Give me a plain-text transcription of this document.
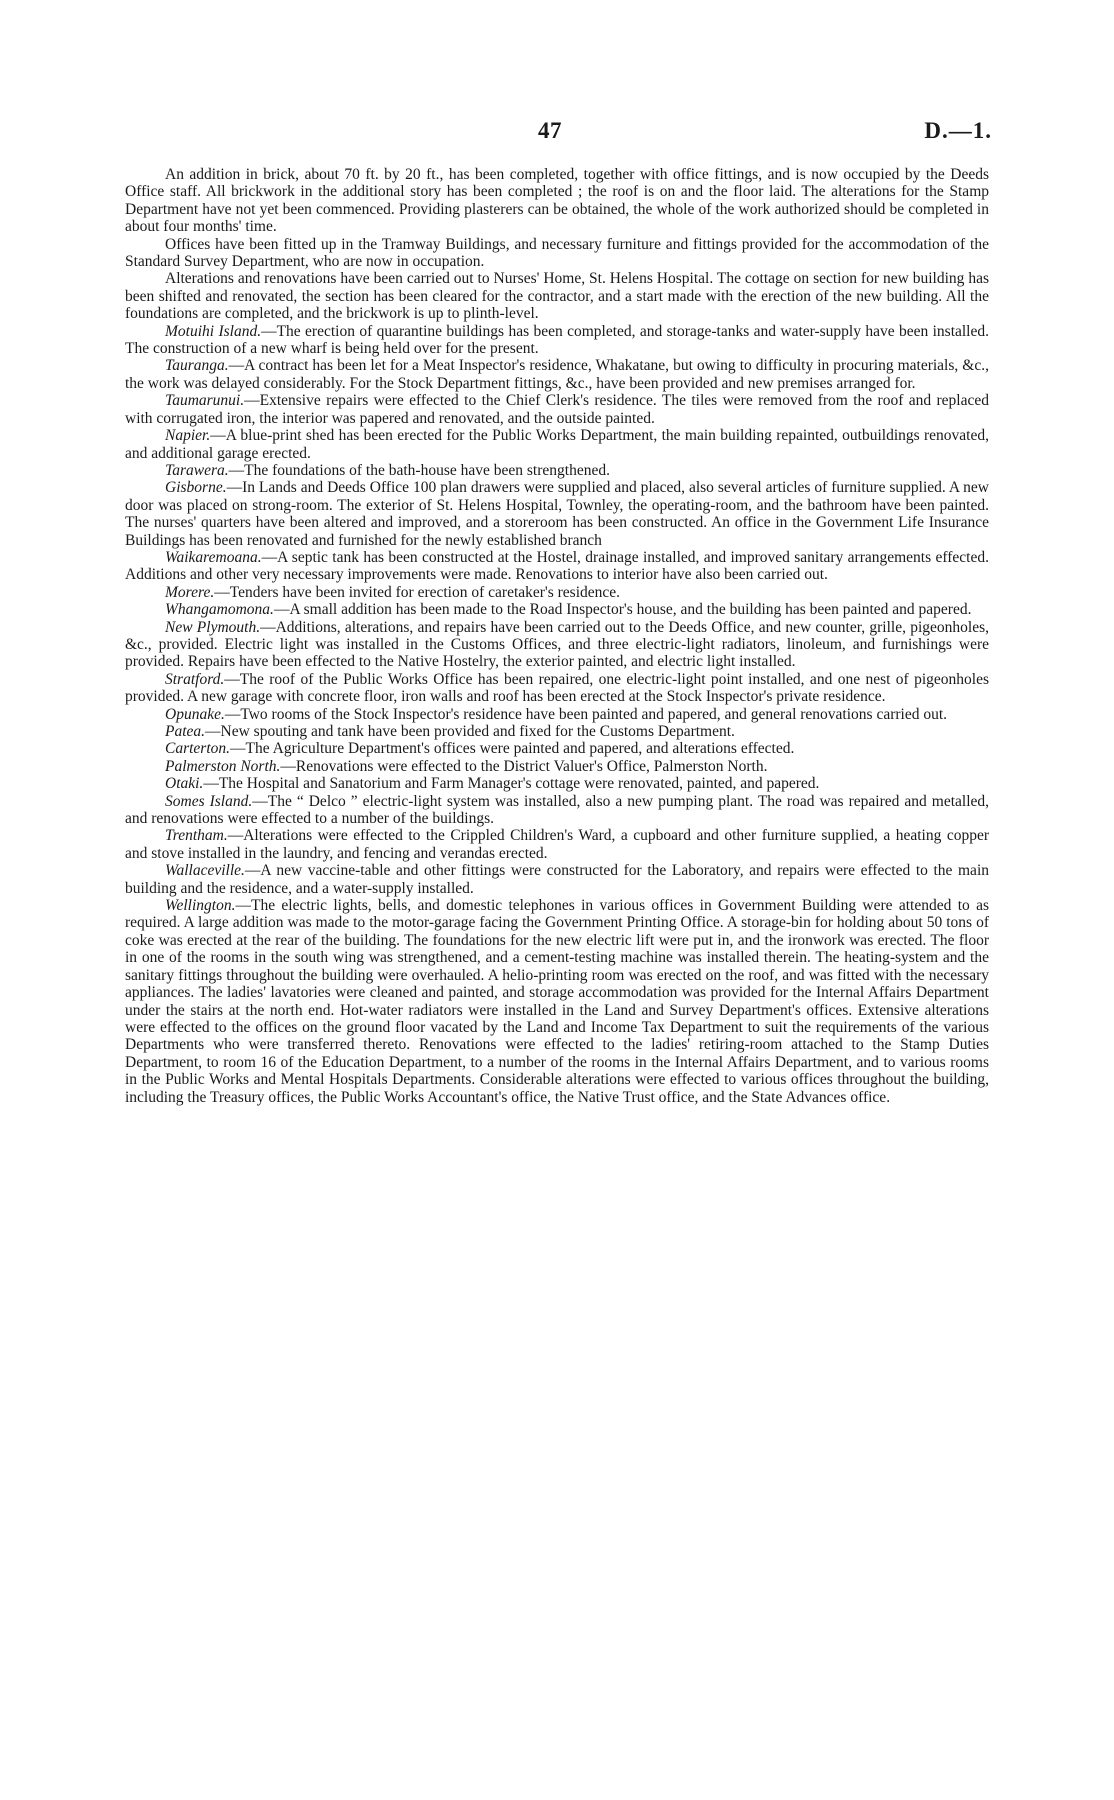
47	D.—1.

An addition in brick, about 70 ft. by 20 ft., has been completed, together with office fittings, and is now occupied by the Deeds Office staff. All brickwork in the additional story has been completed ; the roof is on and the floor laid. The alterations for the Stamp Department have not yet been commenced. Providing plasterers can be obtained, the whole of the work authorized should be completed in about four months' time.

Offices have been fitted up in the Tramway Buildings, and necessary furniture and fittings provided for the accommodation of the Standard Survey Department, who are now in occupation.

Alterations and renovations have been carried out to Nurses' Home, St. Helens Hospital. The cottage on section for new building has been shifted and renovated, the section has been cleared for the contractor, and a start made with the erection of the new building. All the foundations are completed, and the brickwork is up to plinth-level.

Motuihi Island.—The erection of quarantine buildings has been completed, and storage-tanks and water-supply have been installed. The construction of a new wharf is being held over for the present.

Tauranga.—A contract has been let for a Meat Inspector's residence, Whakatane, but owing to difficulty in procuring materials, &c., the work was delayed considerably. For the Stock Department fittings, &c., have been provided and new premises arranged for.

Taumarunui.—Extensive repairs were effected to the Chief Clerk's residence. The tiles were removed from the roof and replaced with corrugated iron, the interior was papered and renovated, and the outside painted.

Napier.—A blue-print shed has been erected for the Public Works Department, the main building repainted, outbuildings renovated, and additional garage erected.

Tarawera.—The foundations of the bath-house have been strengthened.

Gisborne.—In Lands and Deeds Office 100 plan drawers were supplied and placed, also several articles of furniture supplied. A new door was placed on strong-room. The exterior of St. Helens Hospital, Townley, the operating-room, and the bathroom have been painted. The nurses' quarters have been altered and improved, and a storeroom has been constructed. An office in the Government Life Insurance Buildings has been renovated and furnished for the newly established branch

Waikaremoana.—A septic tank has been constructed at the Hostel, drainage installed, and improved sanitary arrangements effected. Additions and other very necessary improvements were made. Renovations to interior have also been carried out.

Morere.—Tenders have been invited for erection of caretaker's residence.

Whangamomona.—A small addition has been made to the Road Inspector's house, and the building has been painted and papered.

New Plymouth.—Additions, alterations, and repairs have been carried out to the Deeds Office, and new counter, grille, pigeonholes, &c., provided. Electric light was installed in the Customs Offices, and three electric-light radiators, linoleum, and furnishings were provided. Repairs have been effected to the Native Hostelry, the exterior painted, and electric light installed.

Stratford.—The roof of the Public Works Office has been repaired, one electric-light point installed, and one nest of pigeonholes provided. A new garage with concrete floor, iron walls and roof has been erected at the Stock Inspector's private residence.

Opunake.—Two rooms of the Stock Inspector's residence have been painted and papered, and general renovations carried out.

Patea.—New spouting and tank have been provided and fixed for the Customs Department.

Carterton.—The Agriculture Department's offices were painted and papered, and alterations effected.

Palmerston North.—Renovations were effected to the District Valuer's Office, Palmerston North.

Otaki.—The Hospital and Sanatorium and Farm Manager's cottage were renovated, painted, and papered.

Somes Island.—The “ Delco ” electric-light system was installed, also a new pumping plant. The road was repaired and metalled, and renovations were effected to a number of the buildings.

Trentham.—Alterations were effected to the Crippled Children's Ward, a cupboard and other furniture supplied, a heating copper and stove installed in the laundry, and fencing and verandas erected.

Wallaceville.—A new vaccine-table and other fittings were constructed for the Laboratory, and repairs were effected to the main building and the residence, and a water-supply installed.

Wellington.—The electric lights, bells, and domestic telephones in various offices in Government Building were attended to as required. A large addition was made to the motor-garage facing the Government Printing Office. A storage-bin for holding about 50 tons of coke was erected at the rear of the building. The foundations for the new electric lift were put in, and the ironwork was erected. The floor in one of the rooms in the south wing was strengthened, and a cement-testing machine was installed therein. The heating-system and the sanitary fittings throughout the building were overhauled. A helio-printing room was erected on the roof, and was fitted with the necessary appliances. The ladies' lavatories were cleaned and painted, and storage accommodation was provided for the Internal Affairs Department under the stairs at the north end. Hot-water radiators were installed in the Land and Survey Department's offices. Extensive alterations were effected to the offices on the ground floor vacated by the Land and Income Tax Department to suit the requirements of the various Departments who were transferred thereto. Renovations were effected to the ladies' retiring-room attached to the Stamp Duties Department, to room 16 of the Education Department, to a number of the rooms in the Internal Affairs Department, and to various rooms in the Public Works and Mental Hospitals Departments. Considerable alterations were effected to various offices throughout the building, including the Treasury offices, the Public Works Accountant's office, the Native Trust office, and the State Advances office.
